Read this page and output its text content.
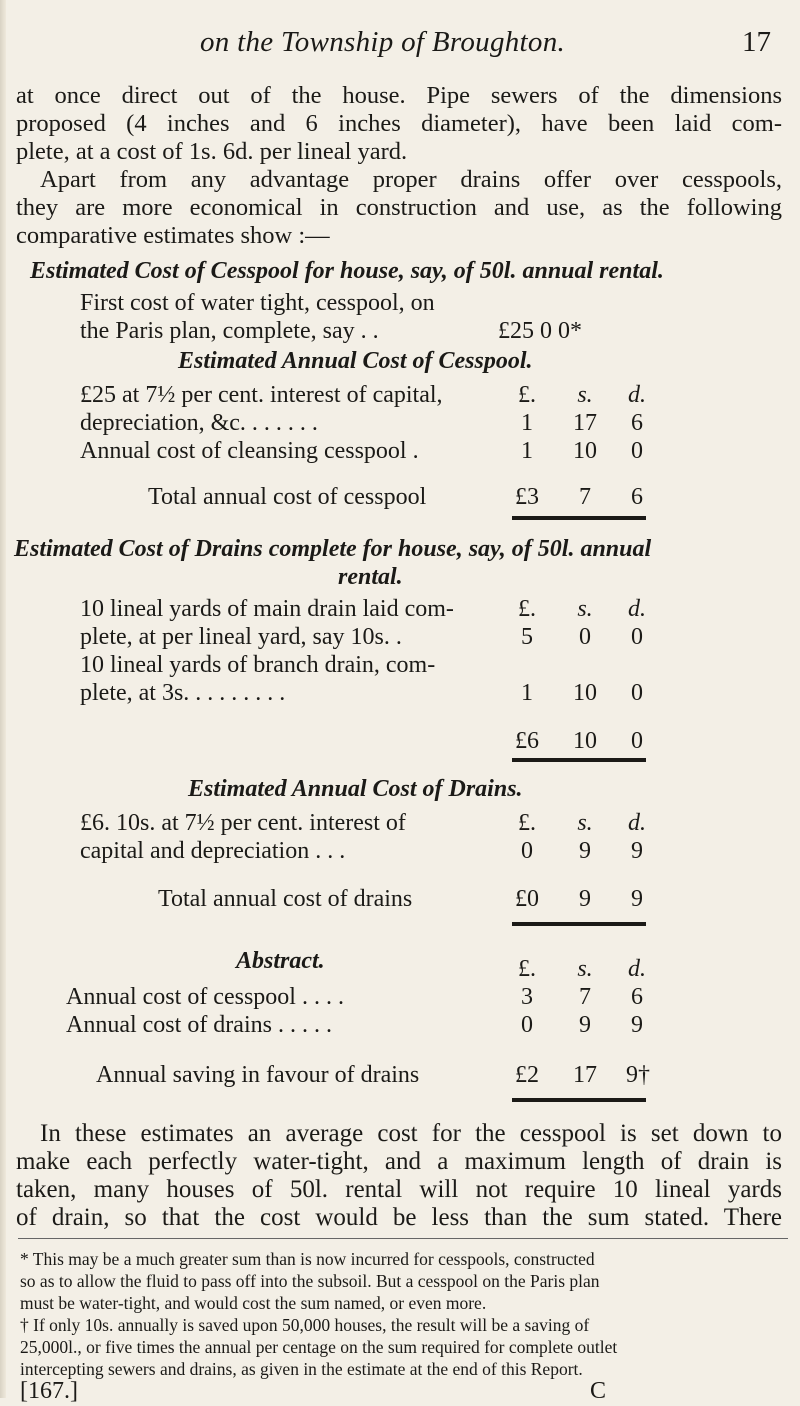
on the Township of Broughton.	17
at once direct out of the house. Pipe sewers of the dimensions
proposed (4 inches and 6 inches diameter), have been laid com-
plete, at a cost of 1s. 6d. per lineal yard.
Apart from any advantage proper drains offer over cesspools,
they are more economical in construction and use, as the following
comparative estimates show :—
Estimated Cost of Cesspool for house, say, of 50l. annual rental.
First cost of water tight, cesspool, on
the Paris plan, complete, say . .	£25 0 0*
Estimated Annual Cost of Cesspool.
£25 at 7½ per cent. interest of capital,	£.	s.	d.
depreciation, &c. . . . . . .	1	17	6
Annual cost of cleansing cesspool .	1	10	0
Total annual cost of cesspool	£3	7	6
Estimated Cost of Drains complete for house, say, of 50l. annual
rental.
10 lineal yards of main drain laid com-	£.	s.	d.
plete, at per lineal yard, say 10s. .	5	0	0
10 lineal yards of branch drain, com-
plete, at 3s. . . . . . . . .	1	10	0
£6	10	0
Estimated Annual Cost of Drains.
£6. 10s. at 7½ per cent. interest of	£.	s.	d.
capital and depreciation . . .	0	9	9
Total annual cost of drains	£0	9	9
Abstract.	£.	s.	d.
Annual cost of cesspool . . . .	3	7	6
Annual cost of drains . . . . .	0	9	9
Annual saving in favour of drains	£2	17	9†
In these estimates an average cost for the cesspool is set down to
make each perfectly water-tight, and a maximum length of drain is
taken, many houses of 50l. rental will not require 10 lineal yards
of drain, so that the cost would be less than the sum stated. There
* This may be a much greater sum than is now incurred for cesspools, constructed
so as to allow the fluid to pass off into the subsoil. But a cesspool on the Paris plan
must be water-tight, and would cost the sum named, or even more.
† If only 10s. annually is saved upon 50,000 houses, the result will be a saving of
25,000l., or five times the annual per centage on the sum required for complete outlet
intercepting sewers and drains, as given in the estimate at the end of this Report.
[167.]	C
